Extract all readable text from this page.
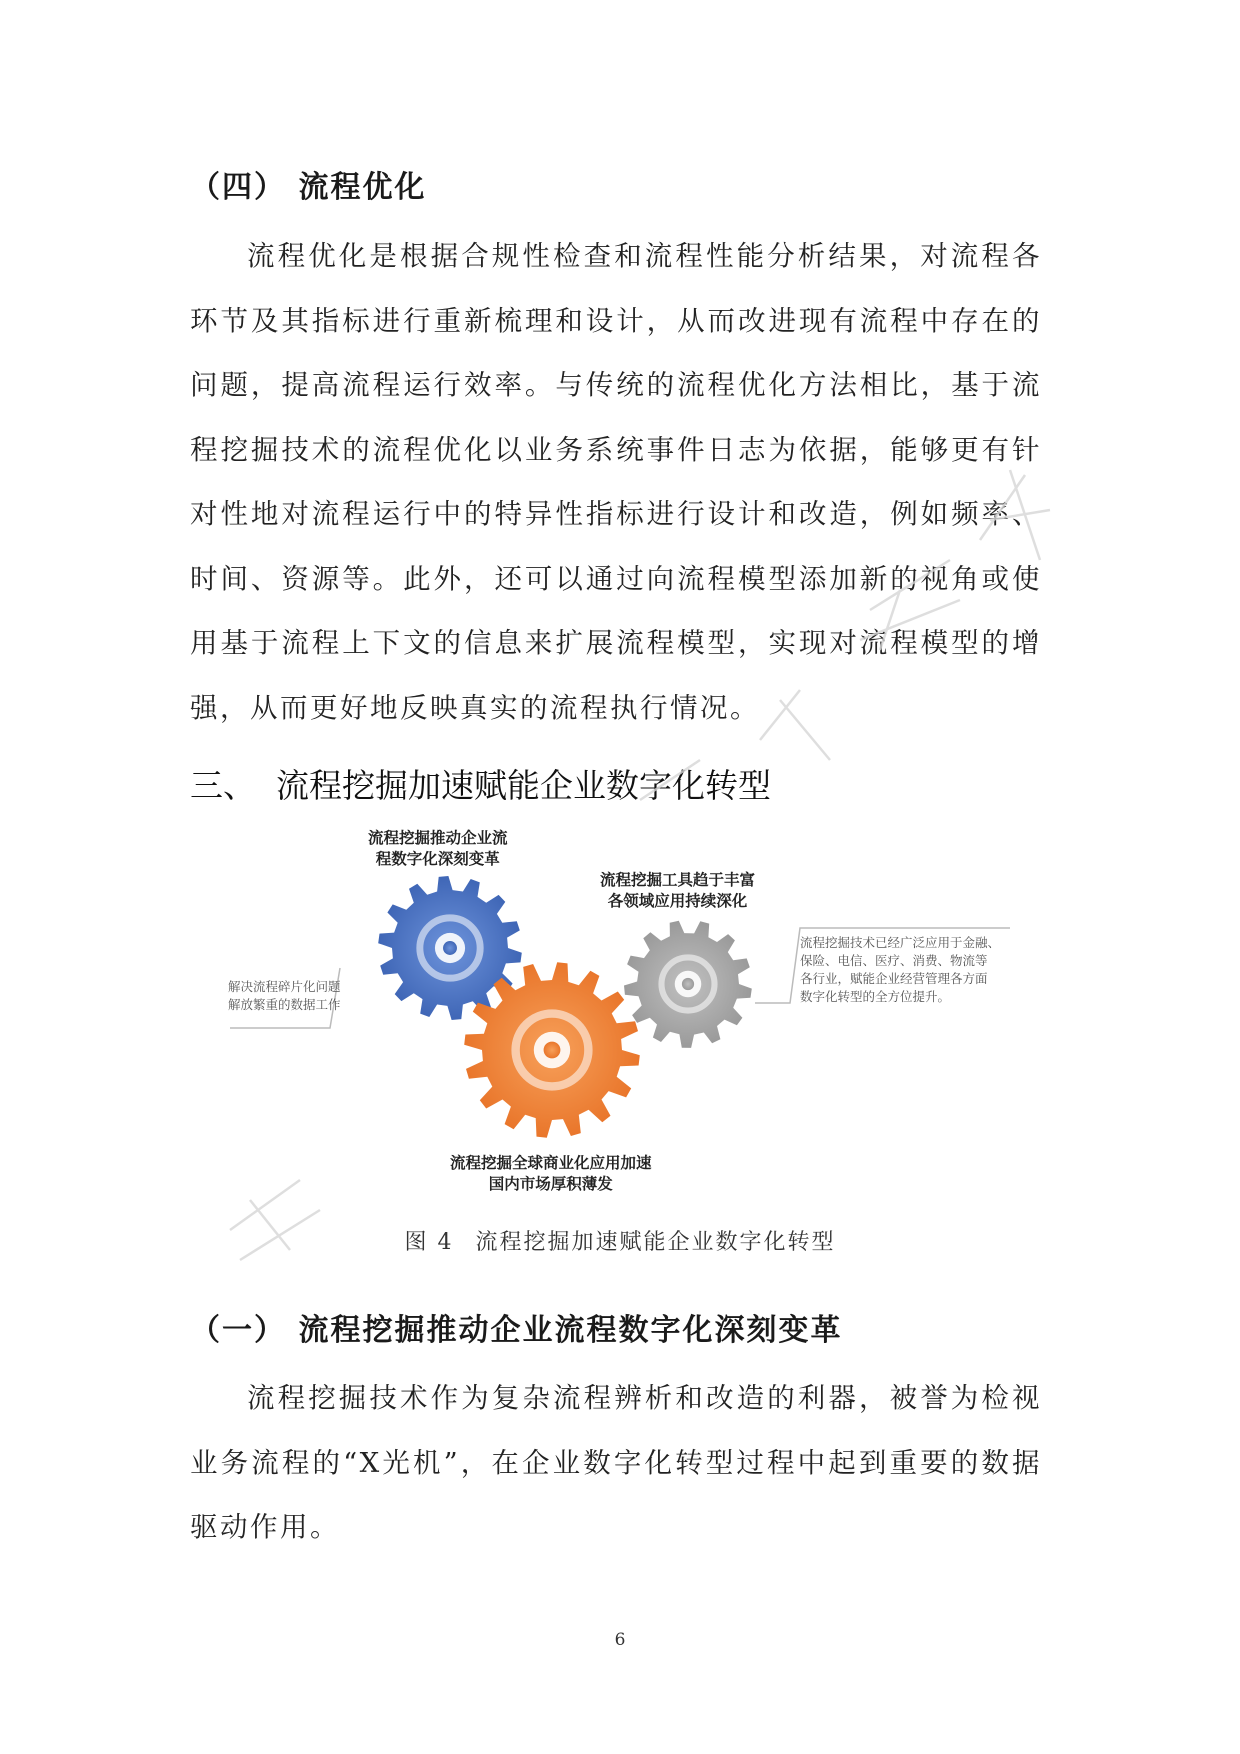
（四） 流程优化

流程优化是根据合规性检查和流程性能分析结果，对流程各环节及其指标进行重新梳理和设计，从而改进现有流程中存在的问题，提高流程运行效率。与传统的流程优化方法相比，基于流程挖掘技术的流程优化以业务系统事件日志为依据，能够更有针对性地对流程运行中的特异性指标进行设计和改造，例如频率、时间、资源等。此外，还可以通过向流程模型添加新的视角或使用基于流程上下文的信息来扩展流程模型，实现对流程模型的增强，从而更好地反映真实的流程执行情况。

三、 流程挖掘加速赋能企业数字化转型
流程挖掘推动企业流
程数字化深刻变革
流程挖掘工具趋于丰富
各领域应用持续深化
流程挖掘全球商业化应用加速
国内市场厚积薄发
解决流程碎片化问题
解放繁重的数据工作
流程挖掘技术已经广泛应用于金融、
保险、电信、医疗、消费、物流等
各行业，赋能企业经营管理各方面
数字化转型的全方位提升。
图 4 流程挖掘加速赋能企业数字化转型
（一） 流程挖掘推动企业流程数字化深刻变革

流程挖掘技术作为复杂流程辨析和改造的利器，被誉为检视业务流程的“X光机”，在企业数字化转型过程中起到重要的数据驱动作用。

6
